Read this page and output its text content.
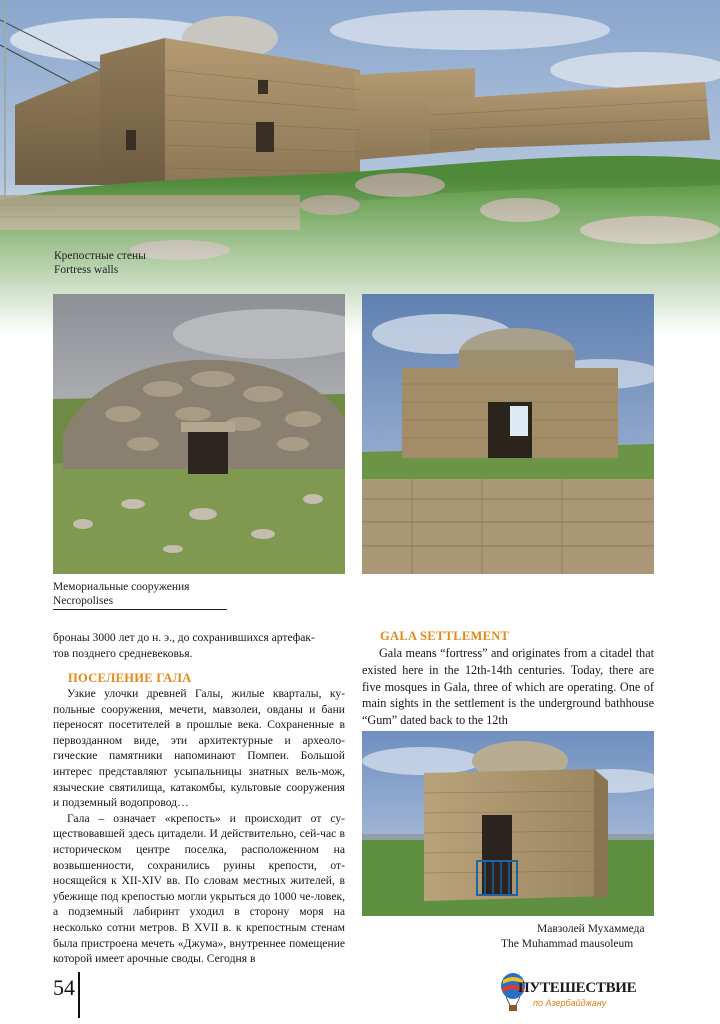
Крепостные стены
Fortress walls
Мемориальные сооружения
Necropolises

бронаы 3000 лет до н. э., до сохранившихся артефак-

тов позднего средневековья.

ПОСЕЛЕНИЕ ГАЛА

Узкие улочки древней Галы, жилые кварталы, ку-польные сооружения, мечети, мавзолеи, овданы и бани переносят посетителей в прошлые века. Сохраненные в первозданном виде, эти архитектурные и археоло-гические памятники напоминают Помпеи. Большой интерес представляют усыпальницы знатных вель-мож, языческие святилища, катакомбы, культовые сооружения и подземный водопровод…

Гала – означает «крепость» и происходит от су-ществовавшей здесь цитадели. И действительно, сей-час в историческом центре поселка, расположенном на возвышенности, сохранились руины крепости, от-носящейся к XII-XIV вв. По словам местных жителей, в убежище под крепостью могли укрыться до 1000 че-ловек, а подземный лабиринт уходил в сторону моря на несколько сотни метров. В XVII в. к крепостным стенам была пристроена мечеть «Джума», внутреннее помещение которой имеет арочные своды. Сегодня в

GALA SETTLEMENT
Gala means “fortress” and originates from a citadel that existed here in the 12th-14th centuries. Today, there are five mosques in Gala, three of which are operating. One of main sights in the settlement is the underground bathhouse “Gum” dated back to the 12th
Мавзолей Мухаммеда
The Muhammad mausoleum
54	ПУТЕШЕСТВИЕ
по Азербайджану
